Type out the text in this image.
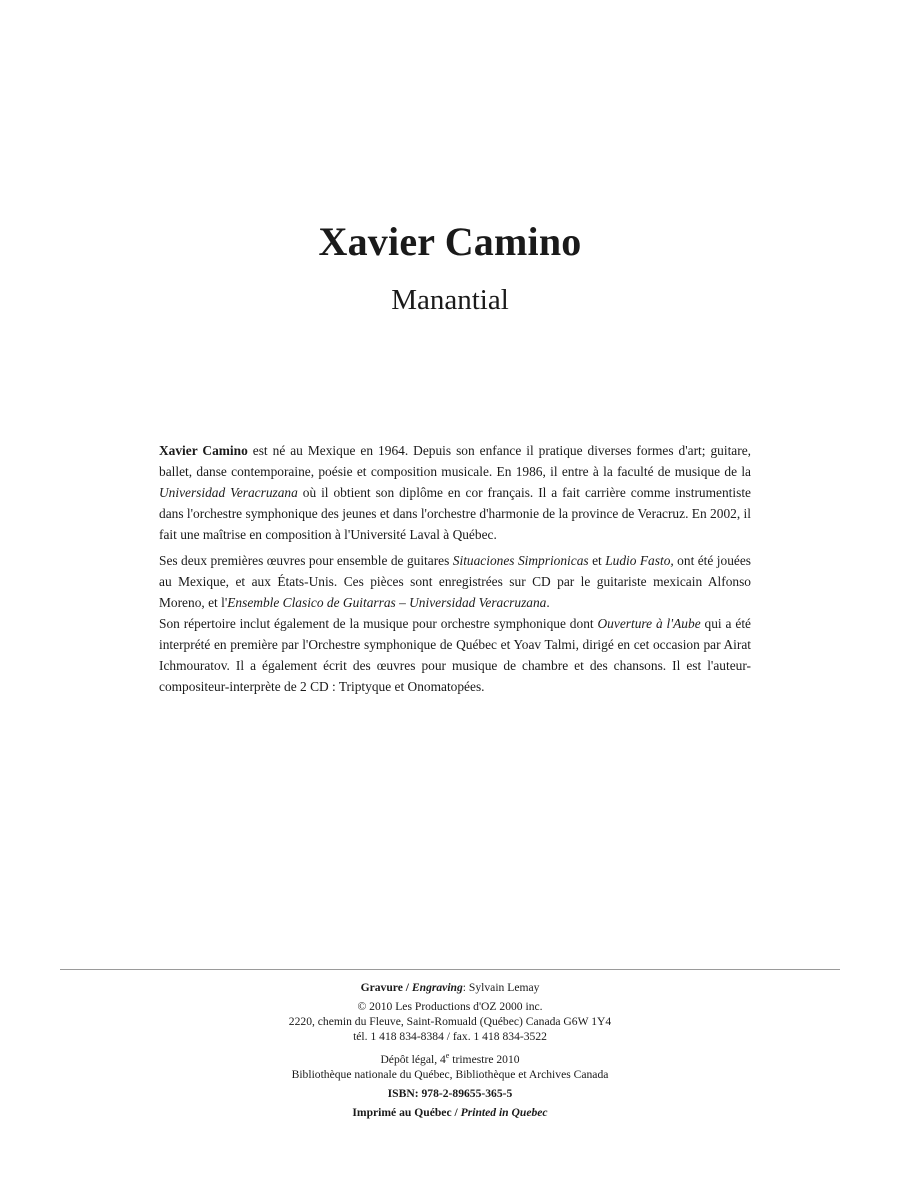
Xavier Camino
Manantial

Xavier Camino est né au Mexique en 1964. Depuis son enfance il pratique diverses formes d'art; guitare, ballet, danse contemporaine, poésie et composition musicale. En 1986, il entre à la faculté de musique de la Universidad Veracruzana où il obtient son diplôme en cor français. Il a fait carrière comme instrumentiste dans l'orchestre symphonique des jeunes et dans l'orchestre d'harmonie de la province de Veracruz. En 2002, il fait une maîtrise en composition à l'Université Laval à Québec.

Ses deux premières œuvres pour ensemble de guitares Situaciones Simprionicas et Ludio Fasto, ont été jouées au Mexique, et aux États-Unis. Ces pièces sont enregistrées sur CD par le guitariste mexicain Alfonso Moreno, et l'Ensemble Clasico de Guitarras – Universidad Veracruzana.

Son répertoire inclut également de la musique pour orchestre symphonique dont Ouverture à l'Aube qui a été interprété en première par l'Orchestre symphonique de Québec et Yoav Talmi, dirigé en cet occasion par Airat Ichmouratov. Il a également écrit des œuvres pour musique de chambre et des chansons. Il est l'auteur-compositeur-interprète de 2 CD : Triptyque et Onomatopées.

Gravure / Engraving: Sylvain Lemay
© 2010 Les Productions d'OZ 2000 inc.
2220, chemin du Fleuve, Saint-Romuald (Québec) Canada G6W 1Y4
tél. 1 418 834-8384 / fax. 1 418 834-3522
Dépôt légal, 4e trimestre 2010
Bibliothèque nationale du Québec, Bibliothèque et Archives Canada
ISBN: 978-2-89655-365-5
Imprimé au Québec / Printed in Quebec
